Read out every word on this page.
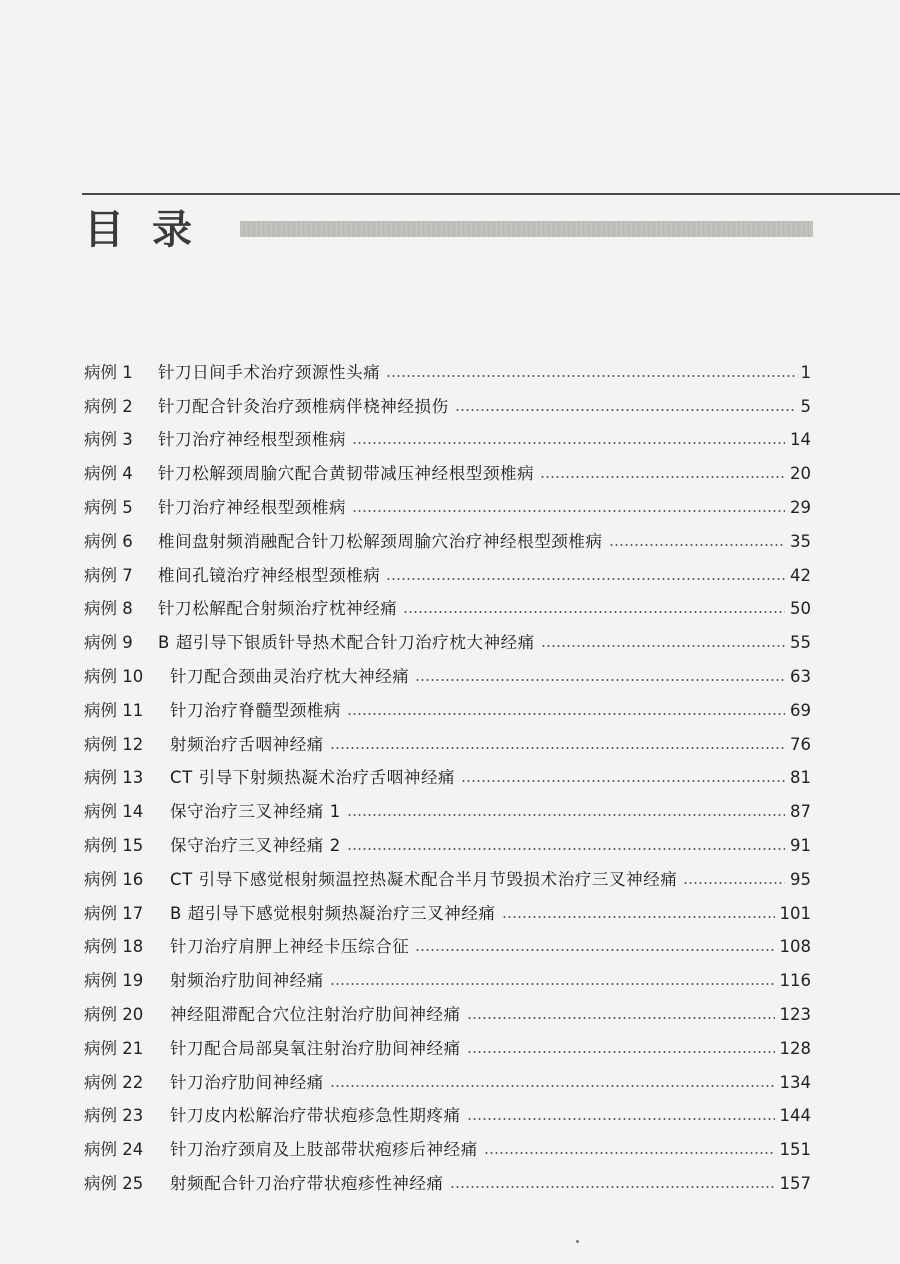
目录
病例 1	针刀日间手术治疗颈源性头痛	1
病例 2	针刀配合针灸治疗颈椎病伴桡神经损伤	5
病例 3	针刀治疗神经根型颈椎病	14
病例 4	针刀松解颈周腧穴配合黄韧带减压神经根型颈椎病	20
病例 5	针刀治疗神经根型颈椎病	29
病例 6	椎间盘射频消融配合针刀松解颈周腧穴治疗神经根型颈椎病	35
病例 7	椎间孔镜治疗神经根型颈椎病	42
病例 8	针刀松解配合射频治疗枕神经痛	50
病例 9	B 超引导下银质针导热术配合针刀治疗枕大神经痛	55
病例 10	针刀配合颈曲灵治疗枕大神经痛	63
病例 11	针刀治疗脊髓型颈椎病	69
病例 12	射频治疗舌咽神经痛	76
病例 13	CT 引导下射频热凝术治疗舌咽神经痛	81
病例 14	保守治疗三叉神经痛 1	87
病例 15	保守治疗三叉神经痛 2	91
病例 16	CT 引导下感觉根射频温控热凝术配合半月节毁损术治疗三叉神经痛	95
病例 17	B 超引导下感觉根射频热凝治疗三叉神经痛	101
病例 18	针刀治疗肩胛上神经卡压综合征	108
病例 19	射频治疗肋间神经痛	116
病例 20	神经阻滞配合穴位注射治疗肋间神经痛	123
病例 21	针刀配合局部臭氧注射治疗肋间神经痛	128
病例 22	针刀治疗肋间神经痛	134
病例 23	针刀皮内松解治疗带状疱疹急性期疼痛	144
病例 24	针刀治疗颈肩及上肢部带状疱疹后神经痛	151
病例 25	射频配合针刀治疗带状疱疹性神经痛	157
